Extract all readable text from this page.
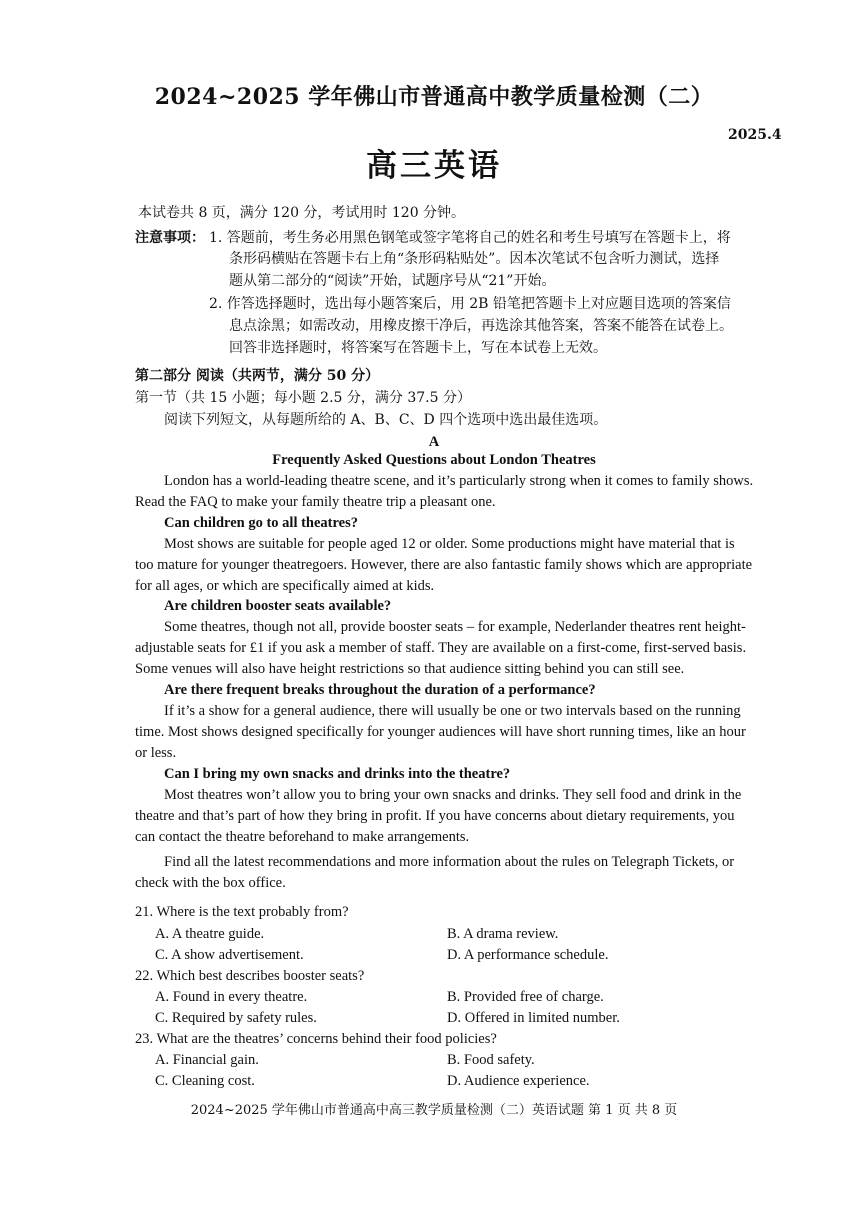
2024~2025 学年佛山市普通高中教学质量检测（二）
2025.4
高三英语
本试卷共 8 页，满分 120 分，考试用时 120 分钟。
注意事项： 1. 答题前，考生务必用黑色钢笔或签字笔将自己的姓名和考生号填写在答题卡上，将
条形码横贴在答题卡右上角“条形码粘贴处”。因本次笔试不包含听力测试，选择
题从第二部分的“阅读”开始，试题序号从“21”开始。
2. 作答选择题时，选出每小题答案后，用 2B 铅笔把答题卡上对应题目选项的答案信
息点涂黑；如需改动，用橡皮擦干净后，再选涂其他答案，答案不能答在试卷上。
回答非选择题时，将答案写在答题卡上，写在本试卷上无效。
第二部分 阅读（共两节，满分 50 分）
第一节（共 15 小题；每小题 2.5 分，满分 37.5 分）
阅读下列短文，从每题所给的 A、B、C、D 四个选项中选出最佳选项。
A
Frequently Asked Questions about London Theatres
London has a world-leading theatre scene, and it’s particularly strong when it comes to family shows.
Read the FAQ to make your family theatre trip a pleasant one.
Can children go to all theatres?
Most shows are suitable for people aged 12 or older. Some productions might have material that is
too mature for younger theatregoers. However, there are also fantastic family shows which are appropriate
for all ages, or which are specifically aimed at kids.
Are children booster seats available?
Some theatres, though not all, provide booster seats – for example, Nederlander theatres rent height-
adjustable seats for £1 if you ask a member of staff. They are available on a first-come, first-served basis.
Some venues will also have height restrictions so that audience sitting behind you can still see.
Are there frequent breaks throughout the duration of a performance?
If it’s a show for a general audience, there will usually be one or two intervals based on the running
time. Most shows designed specifically for younger audiences will have short running times, like an hour
or less.
Can I bring my own snacks and drinks into the theatre?
Most theatres won’t allow you to bring your own snacks and drinks. They sell food and drink in the
theatre and that’s part of how they bring in profit. If you have concerns about dietary requirements, you
can contact the theatre beforehand to make arrangements.
Find all the latest recommendations and more information about the rules on Telegraph Tickets, or
check with the box office.
21. Where is the text probably from?
A. A theatre guide.	B. A drama review.
C. A show advertisement.	D. A performance schedule.
22. Which best describes booster seats?
A. Found in every theatre.	B. Provided free of charge.
C. Required by safety rules.	D. Offered in limited number.
23. What are the theatres’ concerns behind their food policies?
A. Financial gain.	B. Food safety.
C. Cleaning cost.	D. Audience experience.
2024~2025 学年佛山市普通高中高三教学质量检测（二）英语试题 第 1 页 共 8 页
